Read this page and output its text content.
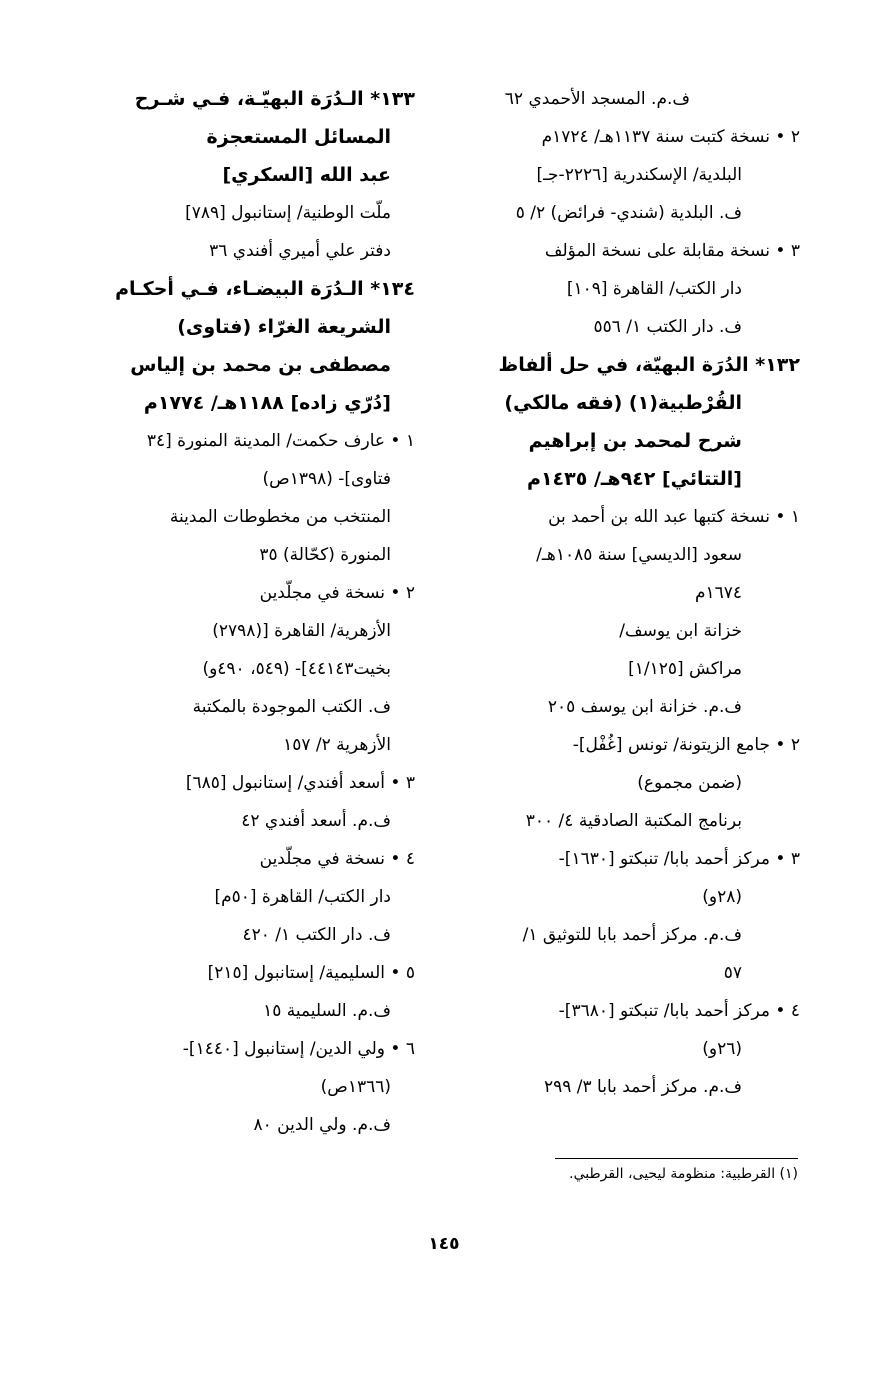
١٣٣* الـدُرَة البهيّـة، فـي شـرح
المسائل المستعجزة
عبد الله [السكري]
ملّت الوطنية/ إستانبول [٧٨٩]
دفتر علي أميري أفندي ٣٦
١٣٤* الـدُرَة البيضـاء، فـي أحكـام
الشريعة الغرّاء (فتاوى)
مصطفى بن محمد بن إلياس
[دُرّي زاده] ١١٨٨هـ/ ١٧٧٤م
١ • عارف حكمت/ المدينة المنورة [٣٤
فتاوى]- (١٣٩٨ص)
المنتخب من مخطوطات المدينة
المنورة (كحّالة) ٣٥
٢ • نسخة في مجلّدين
الأزهرية/ القاهرة [(٢٧٩٨)
بخيت٤٤١٤٣]- (٥٤٩، ٤٩٠و)
ف. الكتب الموجودة بالمكتبة
الأزهرية ٢/ ١٥٧
٣ • أسعد أفندي/ إستانبول [٦٨٥]
ف.م. أسعد أفندي ٤٢
٤ • نسخة في مجلّدين
دار الكتب/ القاهرة [٥٠م]
ف. دار الكتب ١/ ٤٢٠
٥ • السليمية/ إستانبول [٢١٥]
ف.م. السليمية ١٥
٦ • ولي الدين/ إستانبول [١٤٤٠]-
(١٣٦٦ص)
ف.م. ولي الدين ٨٠
ف.م. المسجد الأحمدي ٦٢
٢ • نسخة كتبت سنة ١١٣٧هـ/ ١٧٢٤م
البلدية/ الإسكندرية [٢٢٢٦-جـ]
ف. البلدية (شندي- فرائض) ٢/ ٥
٣ • نسخة مقابلة على نسخة المؤلف
دار الكتب/ القاهرة [١٠٩]
ف. دار الكتب ١/ ٥٥٦
١٣٢* الدُرَة البهيّة، في حل ألفاظ
القُرْطبية(١) (فقه مالكي)
شرح لمحمد بن إبراهيم
[التتائي] ٩٤٢هـ/ ١٤٣٥م
١ • نسخة كتبها عبد الله بن أحمد بن
سعود [الديسي] سنة ١٠٨٥هـ/
١٦٧٤م
خزانة ابن يوسف/
مراكش [١/١٢٥]
ف.م. خزانة ابن يوسف ٢٠٥
٢ • جامع الزيتونة/ تونس [غُفْل]-
(ضمن مجموع)
برنامج المكتبة الصادقية ٤/ ٣٠٠
٣ • مركز أحمد بابا/ تنبكتو [١٦٣٠]-
(٢٨و)
ف.م. مركز أحمد بابا للتوثيق ١/
٥٧
٤ • مركز أحمد بابا/ تنبكتو [٣٦٨٠]-
(٢٦و)
ف.م. مركز أحمد بابا ٣/ ٢٩٩
(١) القرطبية: منظومة ليحيى، القرطبي.
١٤٥
